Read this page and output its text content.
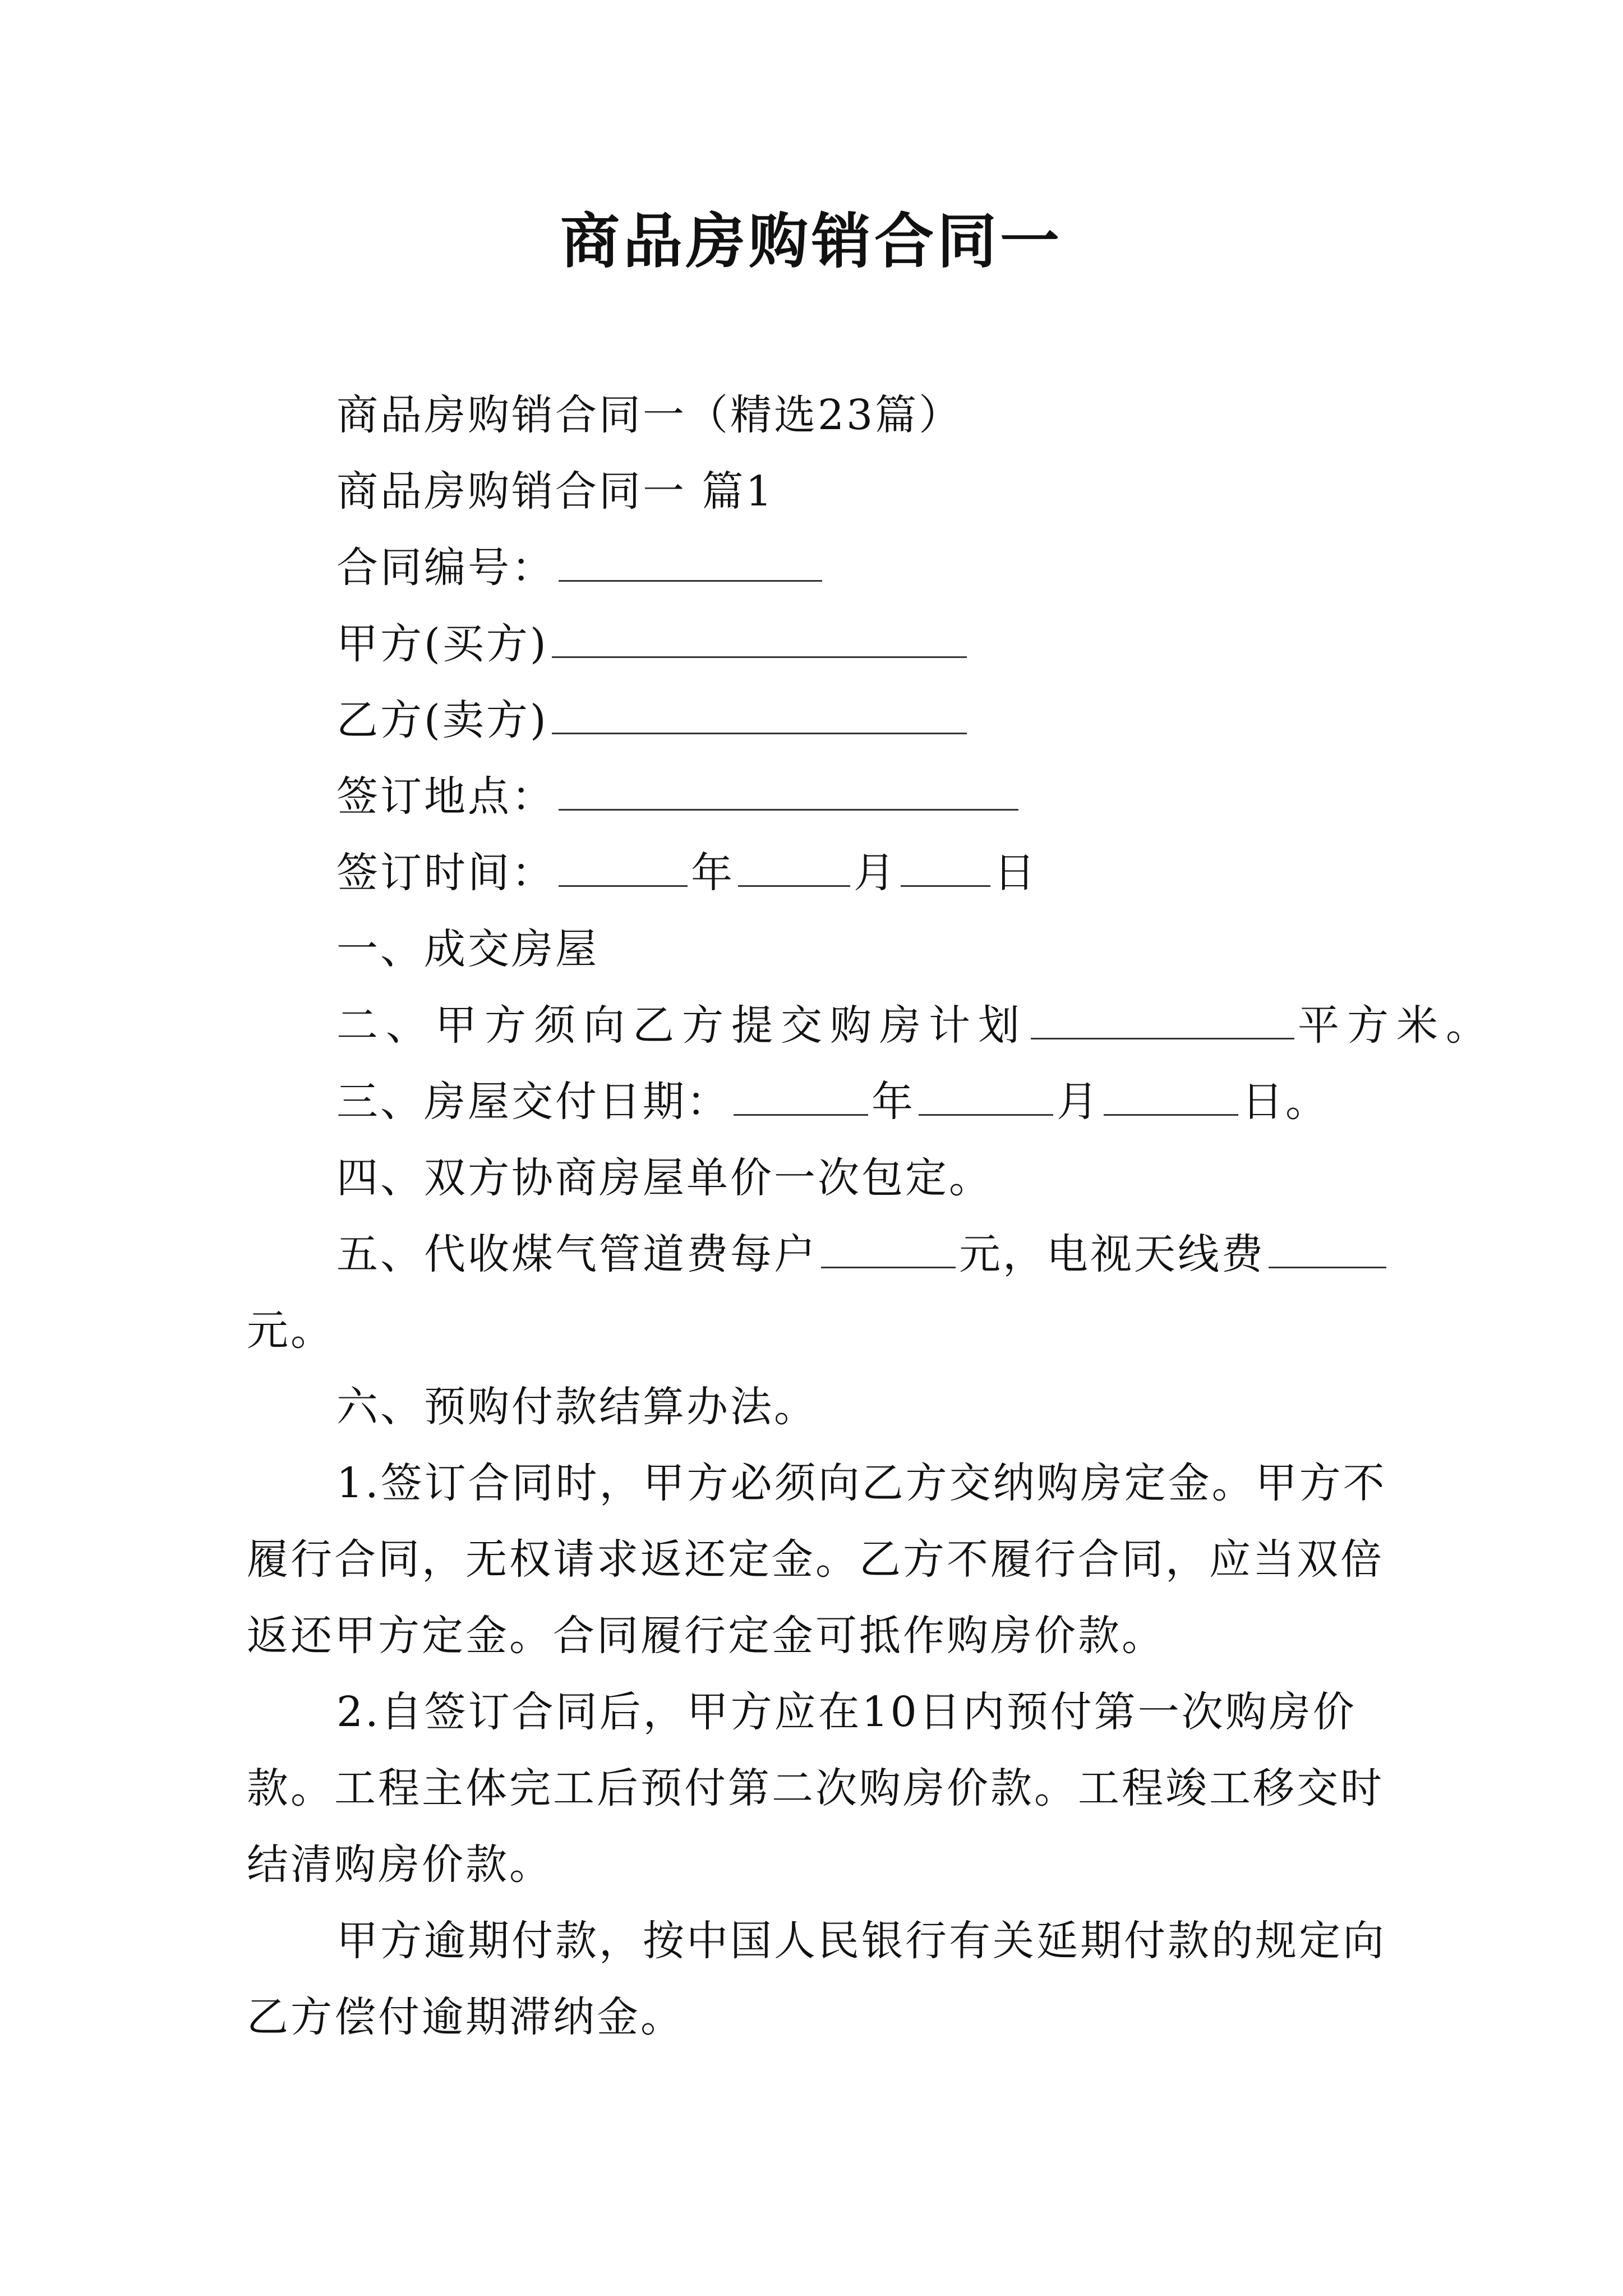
商品房购销合同一
商品房购销合同一（精选23篇）
商品房购销合同一 篇1
合同编号：
甲方(买方)
乙方(卖方)
签订地点：
签订时间：	年	月 日
一、成交房屋
二、甲方须向乙方提交购房计划	平方米。
三、房屋交付日期：	年	月	日。
四、双方协商房屋单价一次包定。
五、代收煤气管道费每户	元，电视天线费
元。
六、预购付款结算办法。
1.签订合同时，甲方必须向乙方交纳购房定金。甲方不
履行合同，无权请求返还定金。乙方不履行合同，应当双倍
返还甲方定金。合同履行定金可抵作购房价款。
2.自签订合同后，甲方应在10日内预付第一次购房价
款。工程主体完工后预付第二次购房价款。工程竣工移交时
结清购房价款。
甲方逾期付款，按中国人民银行有关延期付款的规定向
乙方偿付逾期滞纳金。
